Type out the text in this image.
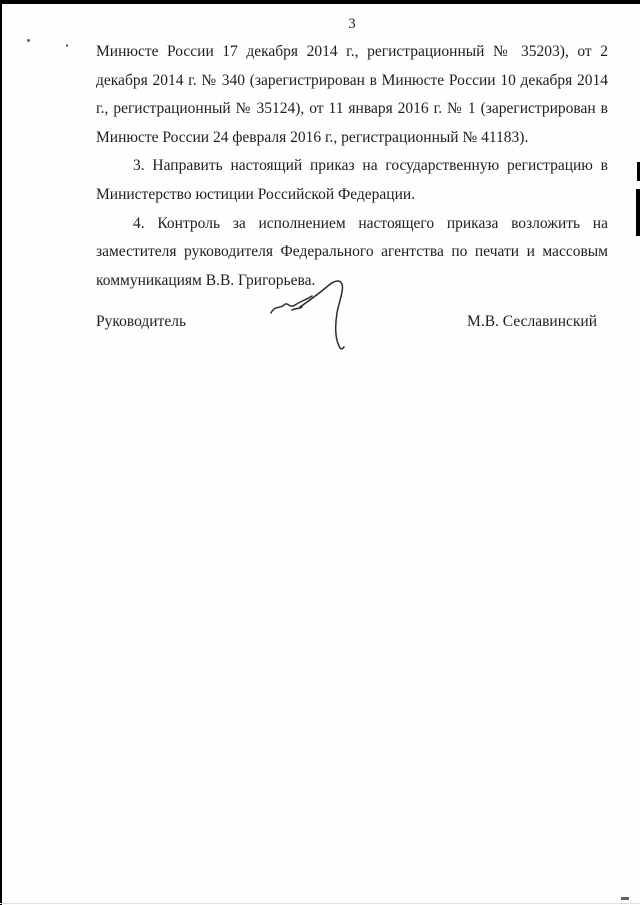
3

Минюсте России 17 декабря 2014 г., регистрационный № 35203), от 2 декабря 2014 г. № 340 (зарегистрирован в Минюсте России 10 декабря 2014 г., регистрационный № 35124), от 11 января 2016 г. № 1 (зарегистрирован в Минюсте России 24 февраля 2016 г., регистрационный № 41183).

3. Направить настоящий приказ на государственную регистрацию в Министерство юстиции Российской Федерации.

4. Контроль за исполнением настоящего приказа возложить на заместителя руководителя Федерального агентства по печати и массовым коммуникациям В.В. Григорьева.

Руководитель	М.В. Сеславинский
